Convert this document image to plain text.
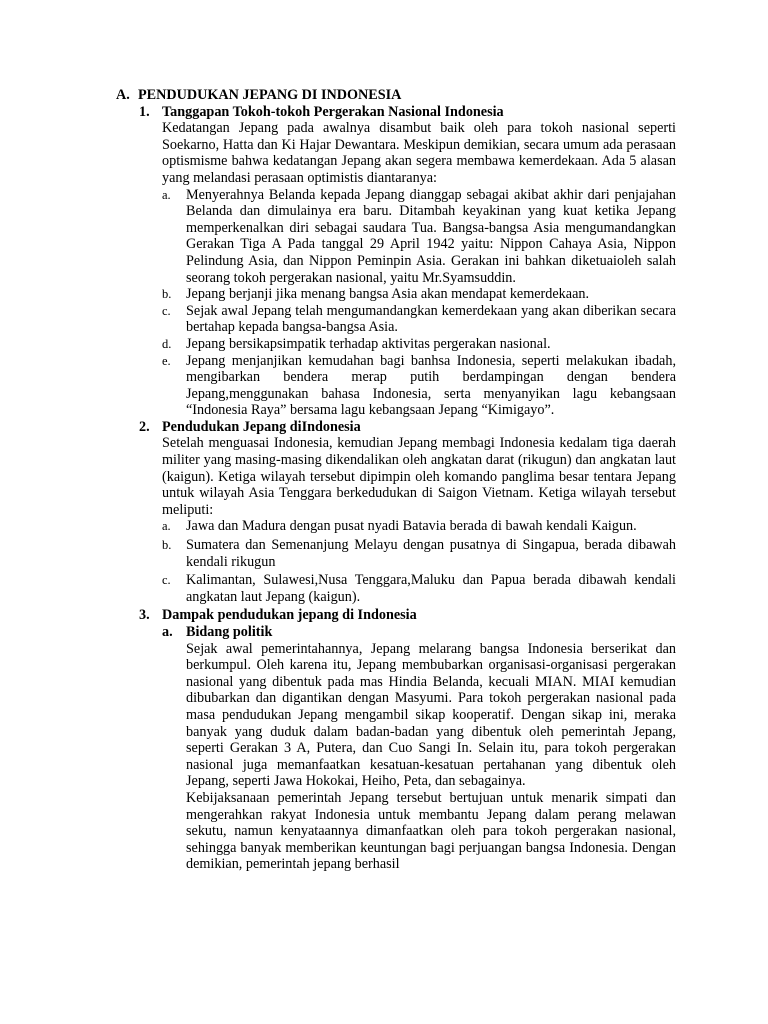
A. PENDUDUKAN JEPANG DI INDONESIA
1. Tanggapan Tokoh-tokoh Pergerakan Nasional Indonesia
Kedatangan Jepang pada awalnya disambut baik oleh para tokoh nasional seperti Soekarno, Hatta dan Ki Hajar Dewantara. Meskipun demikian, secara umum ada perasaan optismisme bahwa kedatangan Jepang akan segera membawa kemerdekaan. Ada 5 alasan yang melandasi perasaan optimistis diantaranya:
a. Menyerahnya Belanda kepada Jepang dianggap sebagai akibat akhir dari penjajahan Belanda dan dimulainya era baru. Ditambah keyakinan yang kuat ketika Jepang memperkenalkan diri sebagai saudara Tua. Bangsa-bangsa Asia mengumandangkan Gerakan Tiga A Pada tanggal 29 April 1942 yaitu: Nippon Cahaya Asia, Nippon Pelindung Asia, dan Nippon Peminpin Asia. Gerakan ini bahkan diketuaioleh salah seorang tokoh pergerakan nasional, yaitu Mr.Syamsuddin.
b. Jepang berjanji jika menang bangsa Asia akan mendapat kemerdekaan.
c. Sejak awal Jepang telah mengumandangkan kemerdekaan yang akan diberikan secara bertahap kepada bangsa-bangsa Asia.
d. Jepang bersikapsimpatik terhadap aktivitas pergerakan nasional.
e. Jepang menjanjikan kemudahan bagi banhsa Indonesia, seperti melakukan ibadah, mengibarkan bendera merap putih berdampingan dengan bendera Jepang,menggunakan bahasa Indonesia, serta menyanyikan lagu kebangsaan “Indonesia Raya” bersama lagu kebangsaan Jepang “Kimigayo”.
2. Pendudukan Jepang diIndonesia
Setelah menguasai Indonesia, kemudian Jepang membagi Indonesia kedalam tiga daerah militer yang masing-masing dikendalikan oleh angkatan darat (rikugun) dan angkatan laut (kaigun). Ketiga wilayah tersebut dipimpin oleh komando panglima besar tentara Jepang untuk wilayah Asia Tenggara berkedudukan di Saigon Vietnam. Ketiga wilayah tersebut meliputi:
a. Jawa dan Madura dengan pusat nyadi Batavia berada di bawah kendali Kaigun.
b. Sumatera dan Semenanjung Melayu dengan pusatnya di Singapua, berada dibawah kendali rikugun
c. Kalimantan, Sulawesi,Nusa Tenggara,Maluku dan Papua berada dibawah kendali angkatan laut Jepang (kaigun).
3. Dampak pendudukan jepang di Indonesia
a. Bidang politik
Sejak awal pemerintahannya, Jepang melarang bangsa Indonesia berserikat dan berkumpul. Oleh karena itu, Jepang membubarkan organisasi-organisasi pergerakan nasional yang dibentuk pada mas Hindia Belanda, kecuali MIAN. MIAI kemudian dibubarkan dan digantikan dengan Masyumi. Para tokoh pergerakan nasional pada masa pendudukan Jepang mengambil sikap kooperatif. Dengan sikap ini, meraka banyak yang duduk dalam badan-badan yang dibentuk oleh pemerintah Jepang, seperti Gerakan 3 A, Putera, dan Cuo Sangi In. Selain itu, para tokoh pergerakan nasional juga memanfaatkan kesatuan-kesatuan pertahanan yang dibentuk oleh Jepang, seperti Jawa Hokokai, Heiho, Peta, dan sebagainya.
Kebijaksanaan pemerintah Jepang tersebut bertujuan untuk menarik simpati dan mengerahkan rakyat Indonesia untuk membantu Jepang dalam perang melawan sekutu, namun kenyataannya dimanfaatkan oleh para tokoh pergerakan nasional, sehingga banyak memberikan keuntungan bagi perjuangan bangsa Indonesia. Dengan demikian, pemerintah jepang berhasil
